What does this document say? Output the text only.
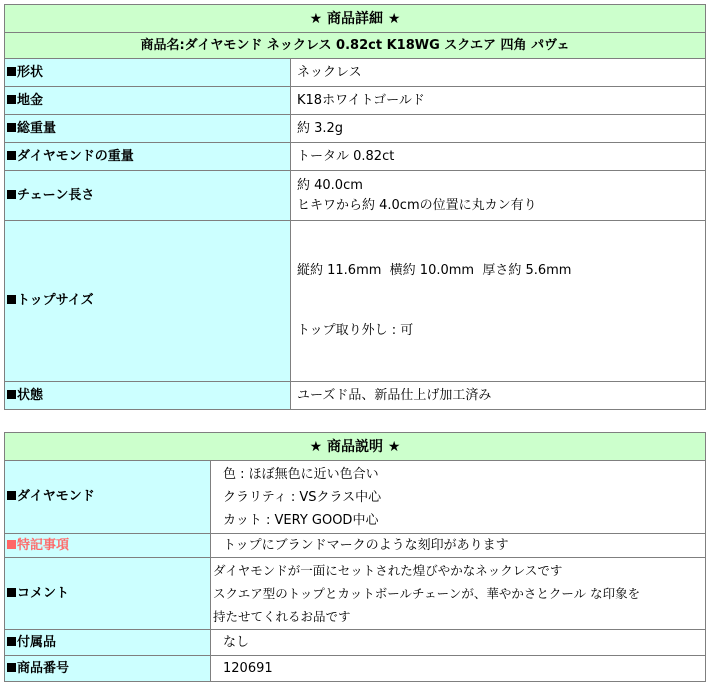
★ 商品詳細 ★	
商品名:ダイヤモンド ネックレス 0.82ct K18WG スクエア 四角 パヴェ	
形状	ネックレス

地金	K18ホワイトゴールド

総重量	約 3.2g

ダイヤモンドの重量	トータル 0.82ct

チェーン長さ	約 40.0cm
ヒキワから約 4.0cmの位置に丸カン有り

トップサイズ	縦約 11.6mm  横約 10.0mm  厚さ約 5.6mm

トップ取り外し : 可

状態	ユーズド品、新品仕上げ加工済み
★ 商品説明 ★	
ダイヤモンド	色 : ほぼ無色に近い色合い
クラリティ : VSクラス中心
カット : VERY GOOD中心

特記事項	トップにブランドマークのような刻印があります

コメント	ダイヤモンドが一面にセットされた煌びやかなネックレスです
スクエア型のトップとカットボールチェーンが、華やかさとクール な印象を
持たせてくれるお品です

付属品	なし

商品番号	120691
